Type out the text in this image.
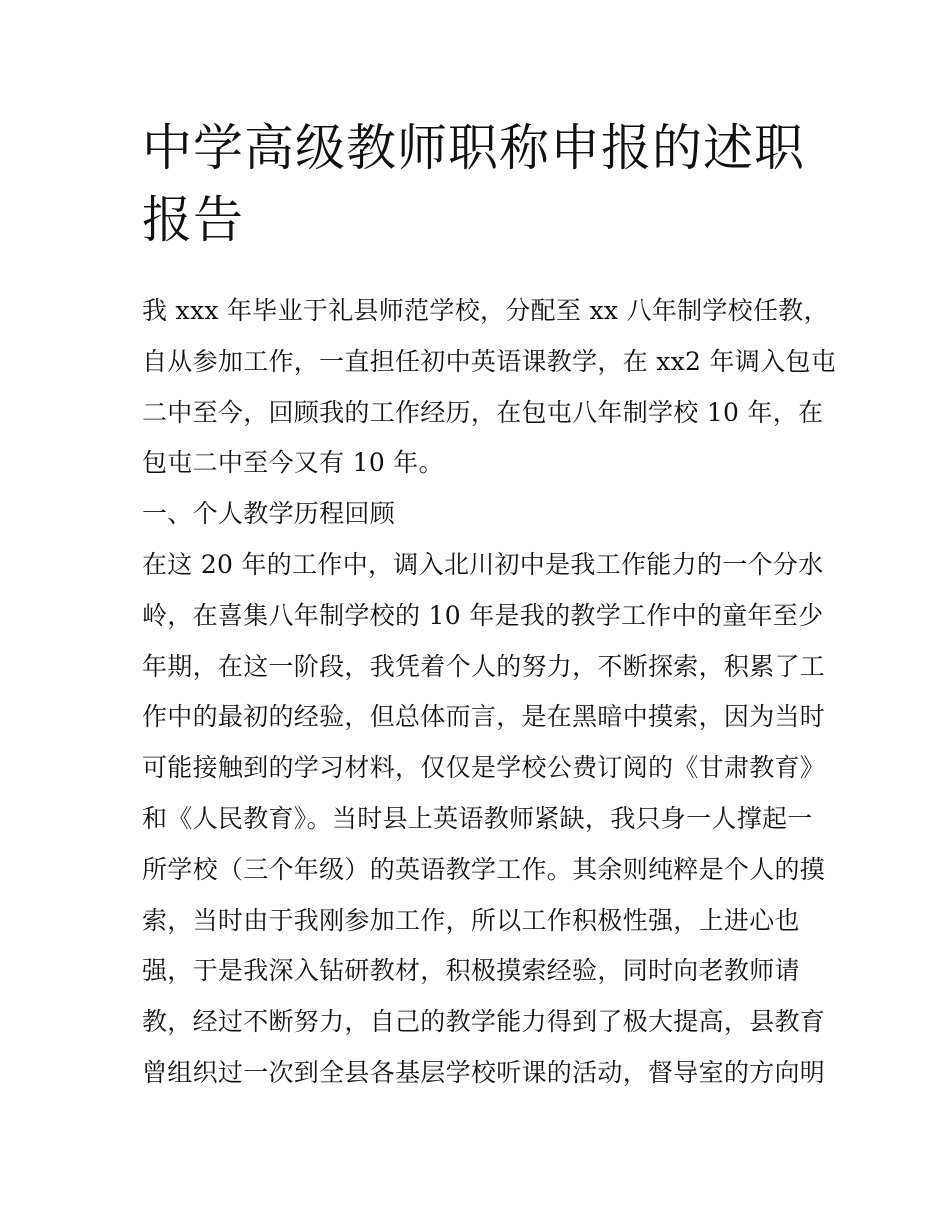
中学高级教师职称申报的述职
报告

我 xxx 年毕业于礼县师范学校，分配至 xx 八年制学校任教，
自从参加工作，一直担任初中英语课教学，在 xx2 年调入包屯
二中至今，回顾我的工作经历，在包屯八年制学校 10 年，在
包屯二中至今又有 10 年。

一、个人教学历程回顾

在这 20 年的工作中，调入北川初中是我工作能力的一个分水
岭，在喜集八年制学校的 10 年是我的教学工作中的童年至少
年期，在这一阶段，我凭着个人的努力，不断探索，积累了工
作中的最初的经验，但总体而言，是在黑暗中摸索，因为当时
可能接触到的学习材料，仅仅是学校公费订阅的《甘肃教育》
和《人民教育》。当时县上英语教师紧缺，我只身一人撑起一
所学校（三个年级）的英语教学工作。其余则纯粹是个人的摸
索，当时由于我刚参加工作，所以工作积极性强，上进心也
强，于是我深入钻研教材，积极摸索经验，同时向老教师请
教，经过不断努力，自己的教学能力得到了极大提高，县教育
曾组织过一次到全县各基层学校听课的活动，督导室的方向明
